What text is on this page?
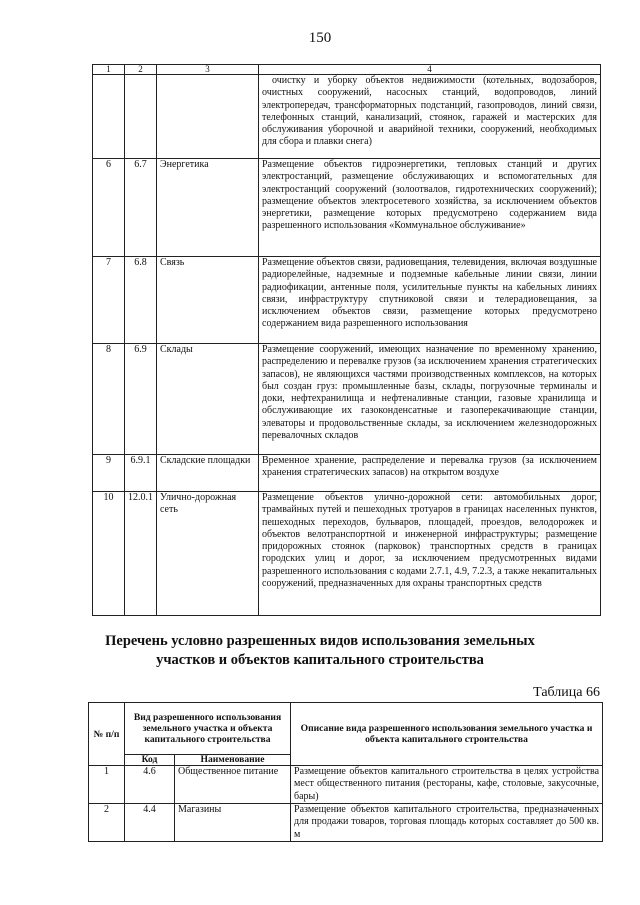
150
1	2	3	4
			очистку и уборку объектов недвижимости (котельных, водозаборов, очистных сооружений, насосных станций, водопроводов, линий электропередач, трансформаторных подстанций, газопроводов, линий связи, телефонных станций, канализаций, стоянок, гаражей и мастерских для обслуживания уборочной и аварийной техники, сооружений, необходимых для сбора и плавки снега)
6	6.7	Энергетика	Размещение объектов гидроэнергетики, тепловых станций и других электростанций, размещение обслуживающих и вспомогательных для электростанций сооружений (золоотвалов, гидротехнических сооружений); размещение объектов электросетевого хозяйства, за исключением объектов энергетики, размещение которых предусмотрено содержанием вида разрешенного использования «Коммунальное обслуживание»
7	6.8	Связь	Размещение объектов связи, радиовещания, телевидения, включая воздушные радиорелейные, надземные и подземные кабельные линии связи, линии радиофикации, антенные поля, усилительные пункты на кабельных линиях связи, инфраструктуру спутниковой связи и телерадиовещания, за исключением объектов связи, размещение которых предусмотрено содержанием вида разрешенного использования
8	6.9	Склады	Размещение сооружений, имеющих назначение по временному хранению, распределению и перевалке грузов (за исключением хранения стратегических запасов), не являющихся частями производственных комплексов, на которых был создан груз: промышленные базы, склады, погрузочные терминалы и доки, нефтехранилища и нефтеналивные станции, газовые хранилища и обслуживающие их газоконденсатные и газоперекачивающие станции, элеваторы и продовольственные склады, за исключением железнодорожных перевалочных складов
9	6.9.1	Складские площадки	Временное хранение, распределение и перевалка грузов (за исключением хранения стратегических запасов) на открытом воздухе
10	12.0.1	Улично-дорожная сеть	Размещение объектов улично-дорожной сети: автомобильных дорог, трамвайных путей и пешеходных тротуаров в границах населенных пунктов, пешеходных переходов, бульваров, площадей, проездов, велодорожек и объектов велотранспортной и инженерной инфраструктуры; размещение придорожных стоянок (парковок) транспортных средств в границах городских улиц и дорог, за исключением предусмотренных видами разрешенного использования с кодами 2.7.1, 4.9, 7.2.3, а также некапитальных сооружений, предназначенных для охраны транспортных средств
Перечень условно разрешенных видов использования земельных участков и объектов капитального строительства
Таблица 66
№ п/п	Вид разрешенного использования земельного участка и объекта капитального строительства		Описание вида разрешенного использования земельного участка и объекта капитального строительства
	Код	Наименование	
1	4.6	Общественное питание	Размещение объектов капитального строительства в целях устройства мест общественного питания (рестораны, кафе, столовые, закусочные, бары)
2	4.4	Магазины	Размещение объектов капитального строительства, предназначенных для продажи товаров, торговая площадь которых составляет до 500 кв. м
